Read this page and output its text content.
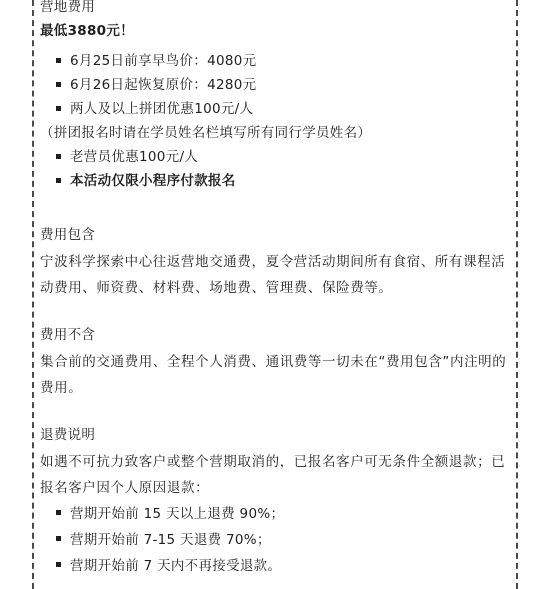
营地费用
最低3880元！
6月25日前享早鸟价：4080元
6月26日起恢复原价：4280元
两人及以上拼团优惠100元/人
（拼团报名时请在学员姓名栏填写所有同行学员姓名）
老营员优惠100元/人
本活动仅限小程序付款报名
费用包含
宁波科学探索中心往返营地交通费，夏令营活动期间所有食宿、所有课程活动费用、师资费、材料费、场地费、管理费、保险费等。
费用不含
集合前的交通费用、全程个人消费、通讯费等一切未在“费用包含”内注明的费用。
退费说明
如遇不可抗力致客户或整个营期取消的，已报名客户可无条件全额退款；已报名客户因个人原因退款：
营期开始前 15 天以上退费 90%；
营期开始前 7-15 天退费 70%；
营期开始前 7 天内不再接受退款。
